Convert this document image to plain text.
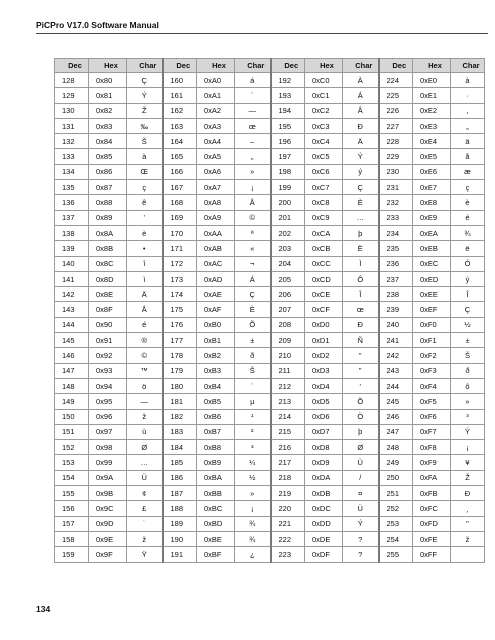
PiCPro V17.0 Software Manual
Dec	Hex	Char	Dec	Hex	Char	Dec	Hex	Char	Dec	Hex	Char
128	0x80	Ç	160	0xA0	á	192	0xC0	À	224	0xE0	à
129	0x81	Ý	161	0xA1	´	193	0xC1	Á	225	0xE1	·
130	0x82	Ž	162	0xA2	—	194	0xC2	Â	226	0xE2	‚
131	0x83	‰	163	0xA3	œ	195	0xC3	Ð	227	0xE3	„
132	0x84	Š	164	0xA4	–	196	0xC4	Ä	228	0xE4	ä
133	0x85	à	165	0xA5	„	197	0xC5	Ý	229	0xE5	å
134	0x86	Œ	166	0xA6	»	198	0xC6	ý	230	0xE6	æ
135	0x87	ç	167	0xA7	¡	199	0xC7	Ç	231	0xE7	ç
136	0x88	ê	168	0xA8	Å	200	0xC8	È	232	0xE8	è
137	0x89	'	169	0xA9	©	201	0xC9	…	233	0xE9	é
138	0x8A	è	170	0xAA	ª	202	0xCA	þ	234	0xEA	¾
139	0x8B	•	171	0xAB	«	203	0xCB	Ë	235	0xEB	ë
140	0x8C	î	172	0xAC	¬	204	0xCC	Ì	236	0xEC	Ó
141	0x8D	ì	173	0xAD	Á	205	0xCD	Ô	237	0xED	ý
142	0x8E	Ä	174	0xAE	Ç	206	0xCE	Î	238	0xEE	Î
143	0x8F	Å	175	0xAF	È	207	0xCF	œ	239	0xEF	Ç
144	0x90	é	176	0xB0	Õ	208	0xD0	Ð	240	0xF0	½
145	0x91	®	177	0xB1	±	209	0xD1	Ñ	241	0xF1	±
146	0x92	©	178	0xB2	ð	210	0xD2	"	242	0xF2	Š
147	0x93	™	179	0xB3	Š	211	0xD3	"	243	0xF3	ð
148	0x94	ö	180	0xB4	´	212	0xD4	'	244	0xF4	ô
149	0x95	—	181	0xB5	µ	213	0xD5	Õ	245	0xF5	»
150	0x96	ž	182	0xB6	¹	214	0xD6	Ö	246	0xF6	³
151	0x97	ù	183	0xB7	²	215	0xD7	þ	247	0xF7	Ý
152	0x98	Ø	184	0xB8	³	216	0xD8	Ø	248	0xF8	¡
153	0x99	…	185	0xB9	¼	217	0xD9	Ù	249	0xF9	¥
154	0x9A	Ü	186	0xBA	½	218	0xDA	/	250	0xFA	Ž
155	0x9B	¢	187	0xBB	»	219	0xDB	¤	251	0xFB	Ð
156	0x9C	£	188	0xBC	¡	220	0xDC	Ü	252	0xFC	¸
157	0x9D	˙	189	0xBD	¾	221	0xDD	Ý	253	0xFD	"
158	0x9E	ž	190	0xBE	¾	222	0xDE	?	254	0xFE	ž
159	0x9F	Ÿ	191	0xBF	¿	223	0xDF	?	255	0xFF	
134
